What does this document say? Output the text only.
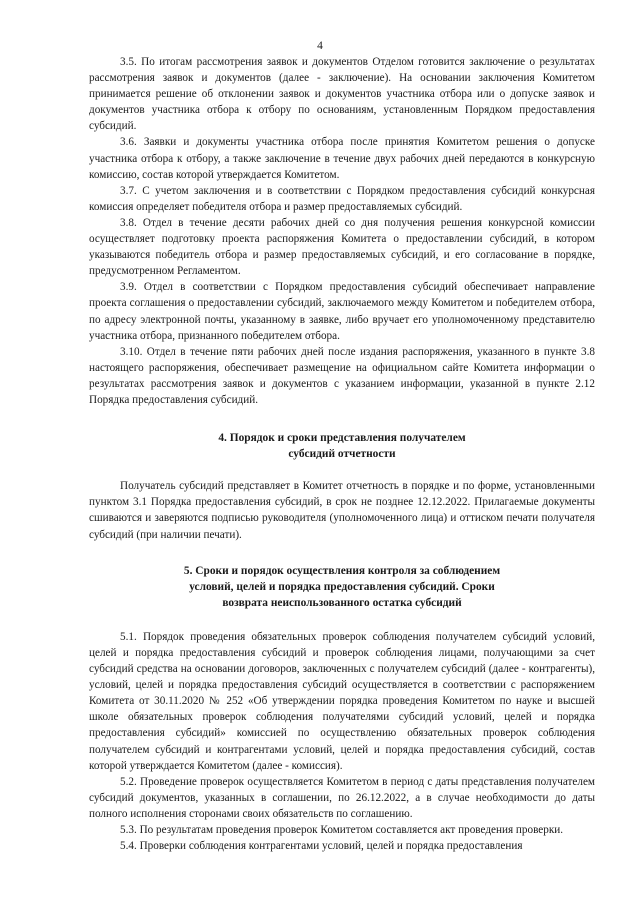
4

3.5. По итогам рассмотрения заявок и документов Отделом готовится заключение о результатах рассмотрения заявок и документов (далее - заключение). На основании заключения Комитетом принимается решение об отклонении заявок и документов участника отбора или о допуске заявок и документов участника отбора к отбору по основаниям, установленным Порядком предоставления субсидий.

3.6. Заявки и документы участника отбора после принятия Комитетом решения о допуске участника отбора к отбору, а также заключение в течение двух рабочих дней передаются в конкурсную комиссию, состав которой утверждается Комитетом.

3.7. С учетом заключения и в соответствии с Порядком предоставления субсидий конкурсная комиссия определяет победителя отбора и размер предоставляемых субсидий.

3.8. Отдел в течение десяти рабочих дней со дня получения решения конкурсной комиссии осуществляет подготовку проекта распоряжения Комитета о предоставлении субсидий, в котором указываются победитель отбора и размер предоставляемых субсидий, и его согласование в порядке, предусмотренном Регламентом.

3.9. Отдел в соответствии с Порядком предоставления субсидий обеспечивает направление проекта соглашения о предоставлении субсидий, заключаемого между Комитетом и победителем отбора, по адресу электронной почты, указанному в заявке, либо вручает его уполномоченному представителю участника отбора, признанного победителем отбора.

3.10. Отдел в течение пяти рабочих дней после издания распоряжения, указанного в пункте 3.8 настоящего распоряжения, обеспечивает размещение на официальном сайте Комитета информации о результатах рассмотрения заявок и документов с указанием информации, указанной в пункте 2.12 Порядка предоставления субсидий.

4. Порядок и сроки представления получателем

субсидий отчетности

Получатель субсидий представляет в Комитет отчетность в порядке и по форме, установленными пунктом 3.1 Порядка предоставления субсидий, в срок не позднее 12.12.2022. Прилагаемые документы сшиваются и заверяются подписью руководителя (уполномоченного лица) и оттиском печати получателя субсидий (при наличии печати).

5. Сроки и порядок осуществления контроля за соблюдением

условий, целей и порядка предоставления субсидий. Сроки

возврата неиспользованного остатка субсидий

5.1. Порядок проведения обязательных проверок соблюдения получателем субсидий условий, целей и порядка предоставления субсидий и проверок соблюдения лицами, получающими за счет субсидий средства на основании договоров, заключенных с получателем субсидий (далее - контрагенты), условий, целей и порядка предоставления субсидий осуществляется в соответствии с распоряжением Комитета от 30.11.2020 № 252 «Об утверждении порядка проведения Комитетом по науке и высшей школе обязательных проверок соблюдения получателями субсидий условий, целей и порядка предоставления субсидий» комиссией по осуществлению обязательных проверок соблюдения получателем субсидий и контрагентами условий, целей и порядка предоставления субсидий, состав которой утверждается Комитетом (далее - комиссия).

5.2. Проведение проверок осуществляется Комитетом в период с даты представления получателем субсидий документов, указанных в соглашении, по 26.12.2022, а в случае необходимости до даты полного исполнения сторонами своих обязательств по соглашению.

5.3. По результатам проведения проверок Комитетом составляется акт проведения проверки.

5.4. Проверки соблюдения контрагентами условий, целей и порядка предоставления
